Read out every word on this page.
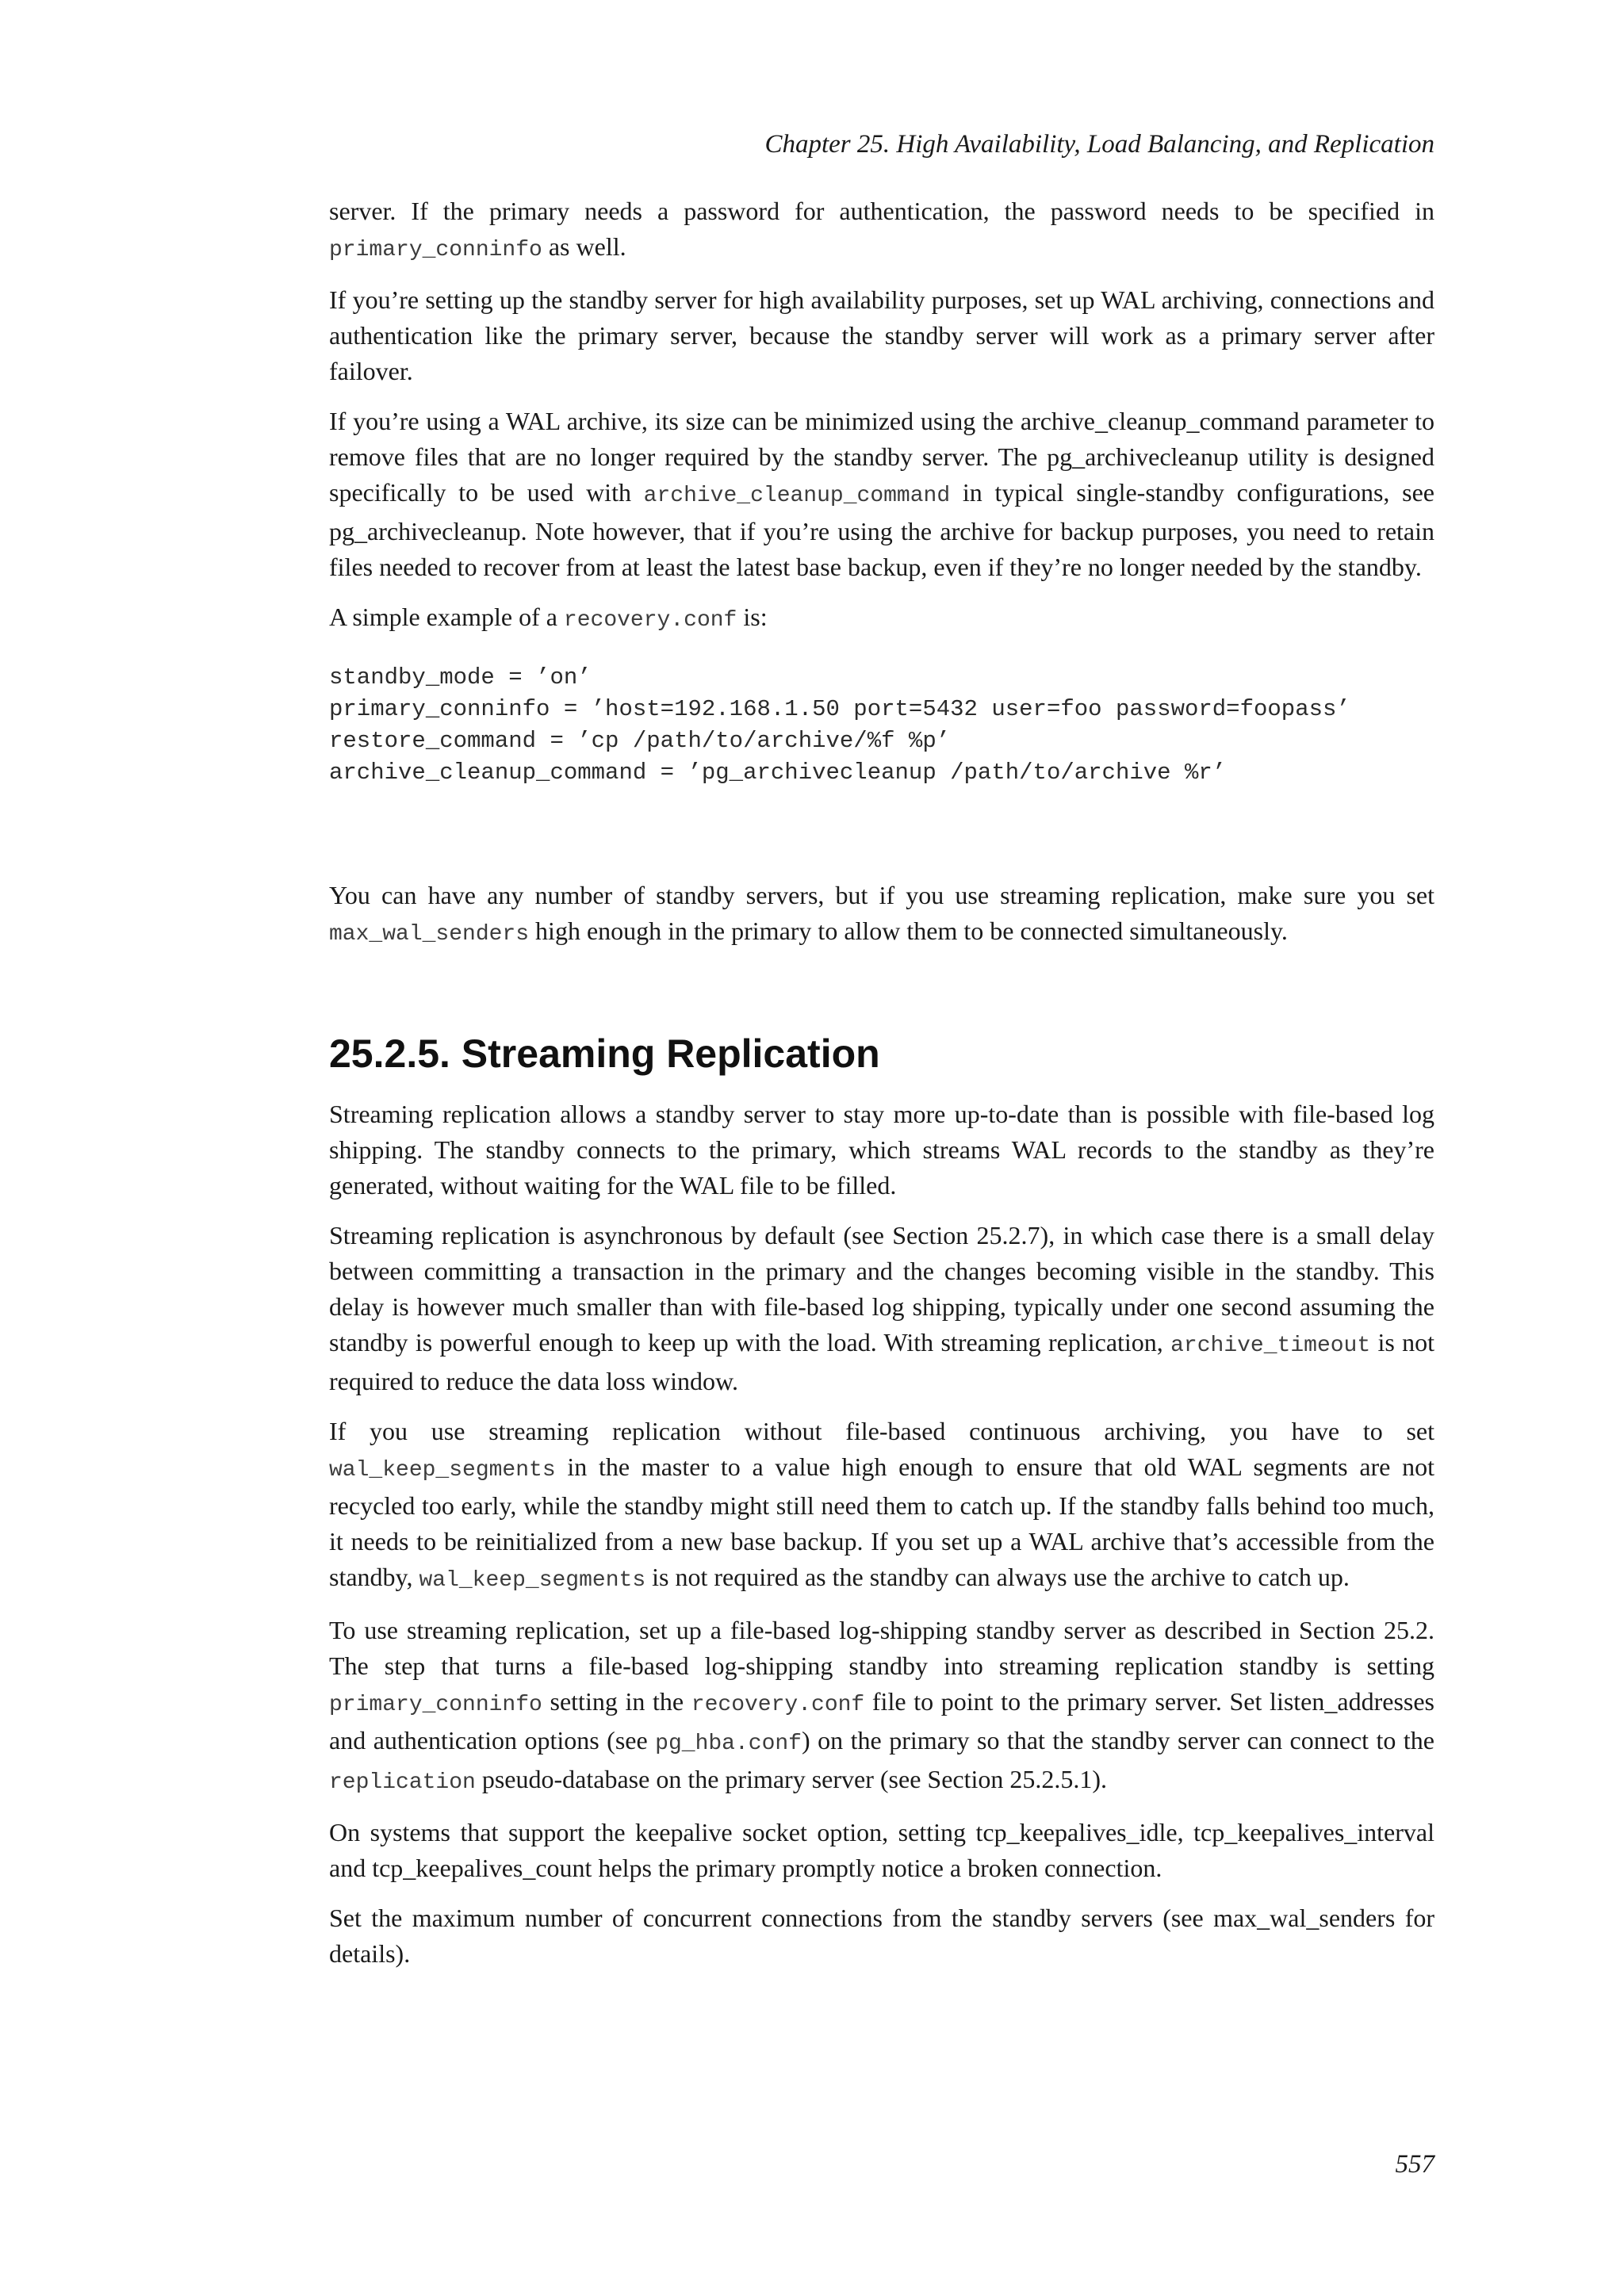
Chapter 25. High Availability, Load Balancing, and Replication

server. If the primary needs a password for authentication, the password needs to be specified in primary_conninfo as well.

If you’re setting up the standby server for high availability purposes, set up WAL archiving, connections and authentication like the primary server, because the standby server will work as a primary server after failover.

If you’re using a WAL archive, its size can be minimized using the archive_cleanup_command parameter to remove files that are no longer required by the standby server. The pg_archivecleanup utility is designed specifically to be used with archive_cleanup_command in typical single-standby configurations, see pg_archivecleanup. Note however, that if you’re using the archive for backup purposes, you need to retain files needed to recover from at least the latest base backup, even if they’re no longer needed by the standby.

A simple example of a recovery.conf is:

standby_mode = ’on’
primary_conninfo = ’host=192.168.1.50 port=5432 user=foo password=foopass’
restore_command = ’cp /path/to/archive/%f %p’
archive_cleanup_command = ’pg_archivecleanup /path/to/archive %r’

You can have any number of standby servers, but if you use streaming replication, make sure you set max_wal_senders high enough in the primary to allow them to be connected simultaneously.

25.2.5. Streaming Replication

Streaming replication allows a standby server to stay more up-to-date than is possible with file-based log shipping. The standby connects to the primary, which streams WAL records to the standby as they’re generated, without waiting for the WAL file to be filled.

Streaming replication is asynchronous by default (see Section 25.2.7), in which case there is a small delay between committing a transaction in the primary and the changes becoming visible in the standby. This delay is however much smaller than with file-based log shipping, typically under one second assuming the standby is powerful enough to keep up with the load. With streaming replication, archive_timeout is not required to reduce the data loss window.

If you use streaming replication without file-based continuous archiving, you have to set wal_keep_segments in the master to a value high enough to ensure that old WAL segments are not recycled too early, while the standby might still need them to catch up. If the standby falls behind too much, it needs to be reinitialized from a new base backup. If you set up a WAL archive that’s accessible from the standby, wal_keep_segments is not required as the standby can always use the archive to catch up.

To use streaming replication, set up a file-based log-shipping standby server as described in Section 25.2. The step that turns a file-based log-shipping standby into streaming replication standby is setting primary_conninfo setting in the recovery.conf file to point to the primary server. Set listen_addresses and authentication options (see pg_hba.conf) on the primary so that the standby server can connect to the replication pseudo-database on the primary server (see Section 25.2.5.1).

On systems that support the keepalive socket option, setting tcp_keepalives_idle, tcp_keepalives_interval and tcp_keepalives_count helps the primary promptly notice a broken connection.

Set the maximum number of concurrent connections from the standby servers (see max_wal_senders for details).

557
